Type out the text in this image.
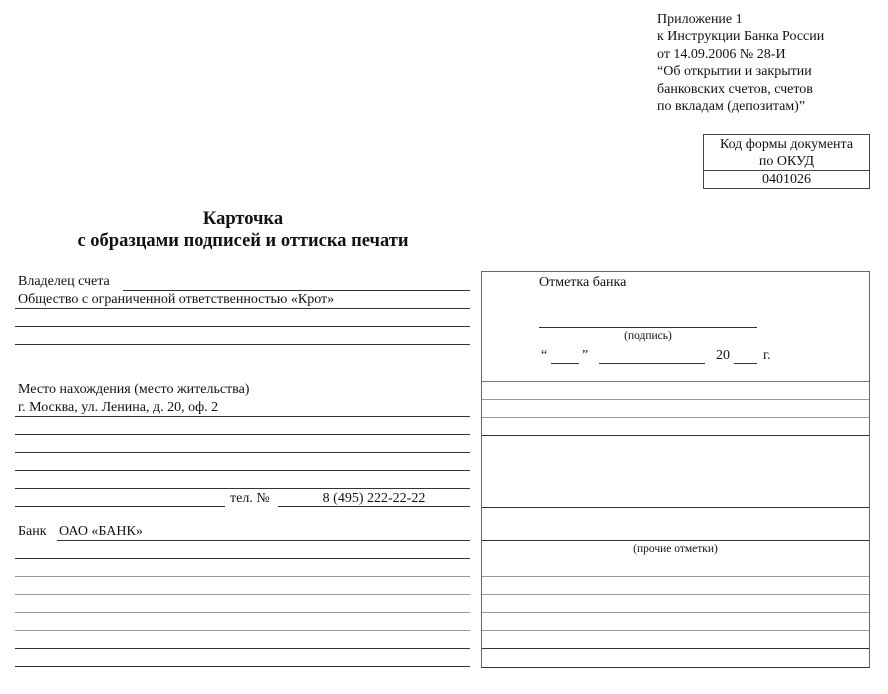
Приложение 1
к Инструкции Банка России
от 14.09.2006 № 28-И
“Об открытии и закрытии
банковских счетов, счетов
по вкладам (депозитам)”
Код формы документа
по ОКУД
0401026
Карточка
с образцами подписей и оттиска печати
Владелец счета
Общество с ограниченной ответственностью «Крот»
Место нахождения (место жительства)
г. Москва, ул. Ленина, д. 20, оф. 2
тел. №	8 (495) 222-22-22
Банк ОАО «БАНК»
Отметка банка
(подпись)
“ ”	20 г.
(прочие отметки)
